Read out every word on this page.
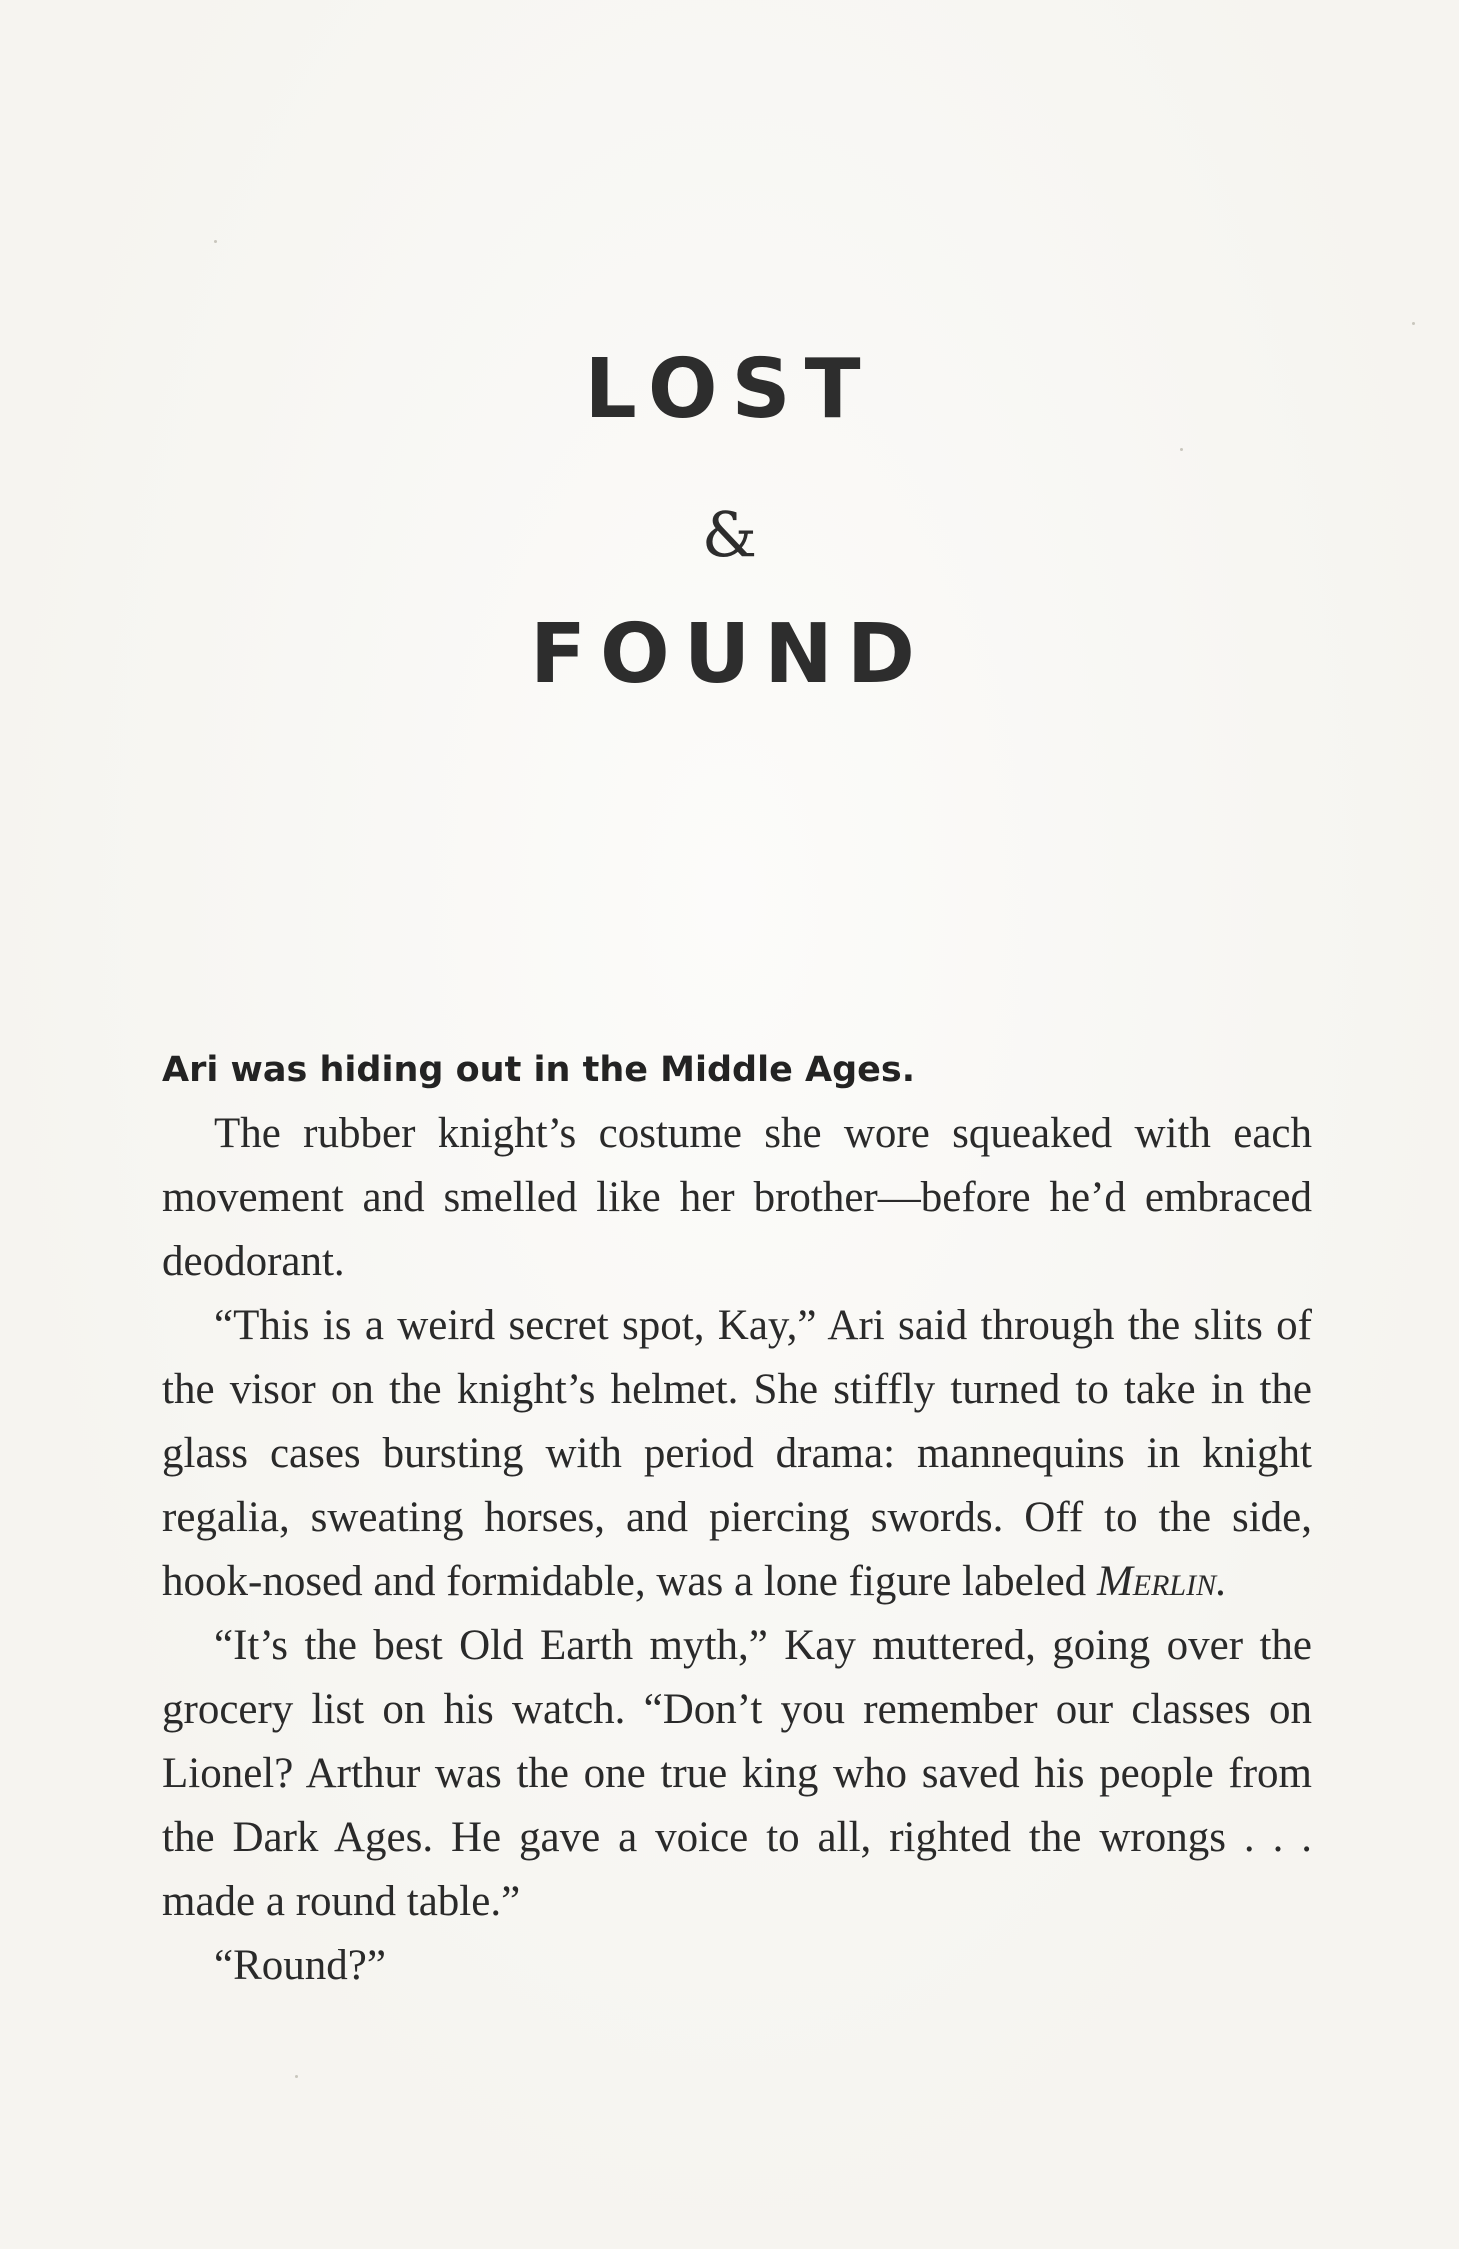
LOST
&
FOUND

Ari was hiding out in the Middle Ages.

The rubber knight’s costume she wore squeaked with each movement and smelled like her brother—before he’d embraced deodorant.

“This is a weird secret spot, Kay,” Ari said through the slits of the visor on the knight’s helmet. She stiffly turned to take in the glass cases bursting with period drama: mannequins in knight regalia, sweating horses, and piercing swords. Off to the side, hook-nosed and formidable, was a lone figure labeled Merlin.

“It’s the best Old Earth myth,” Kay muttered, going over the grocery list on his watch. “Don’t you remember our classes on Lionel? Arthur was the one true king who saved his people from the Dark Ages. He gave a voice to all, righted the wrongs . . . made a round table.”

“Round?”
